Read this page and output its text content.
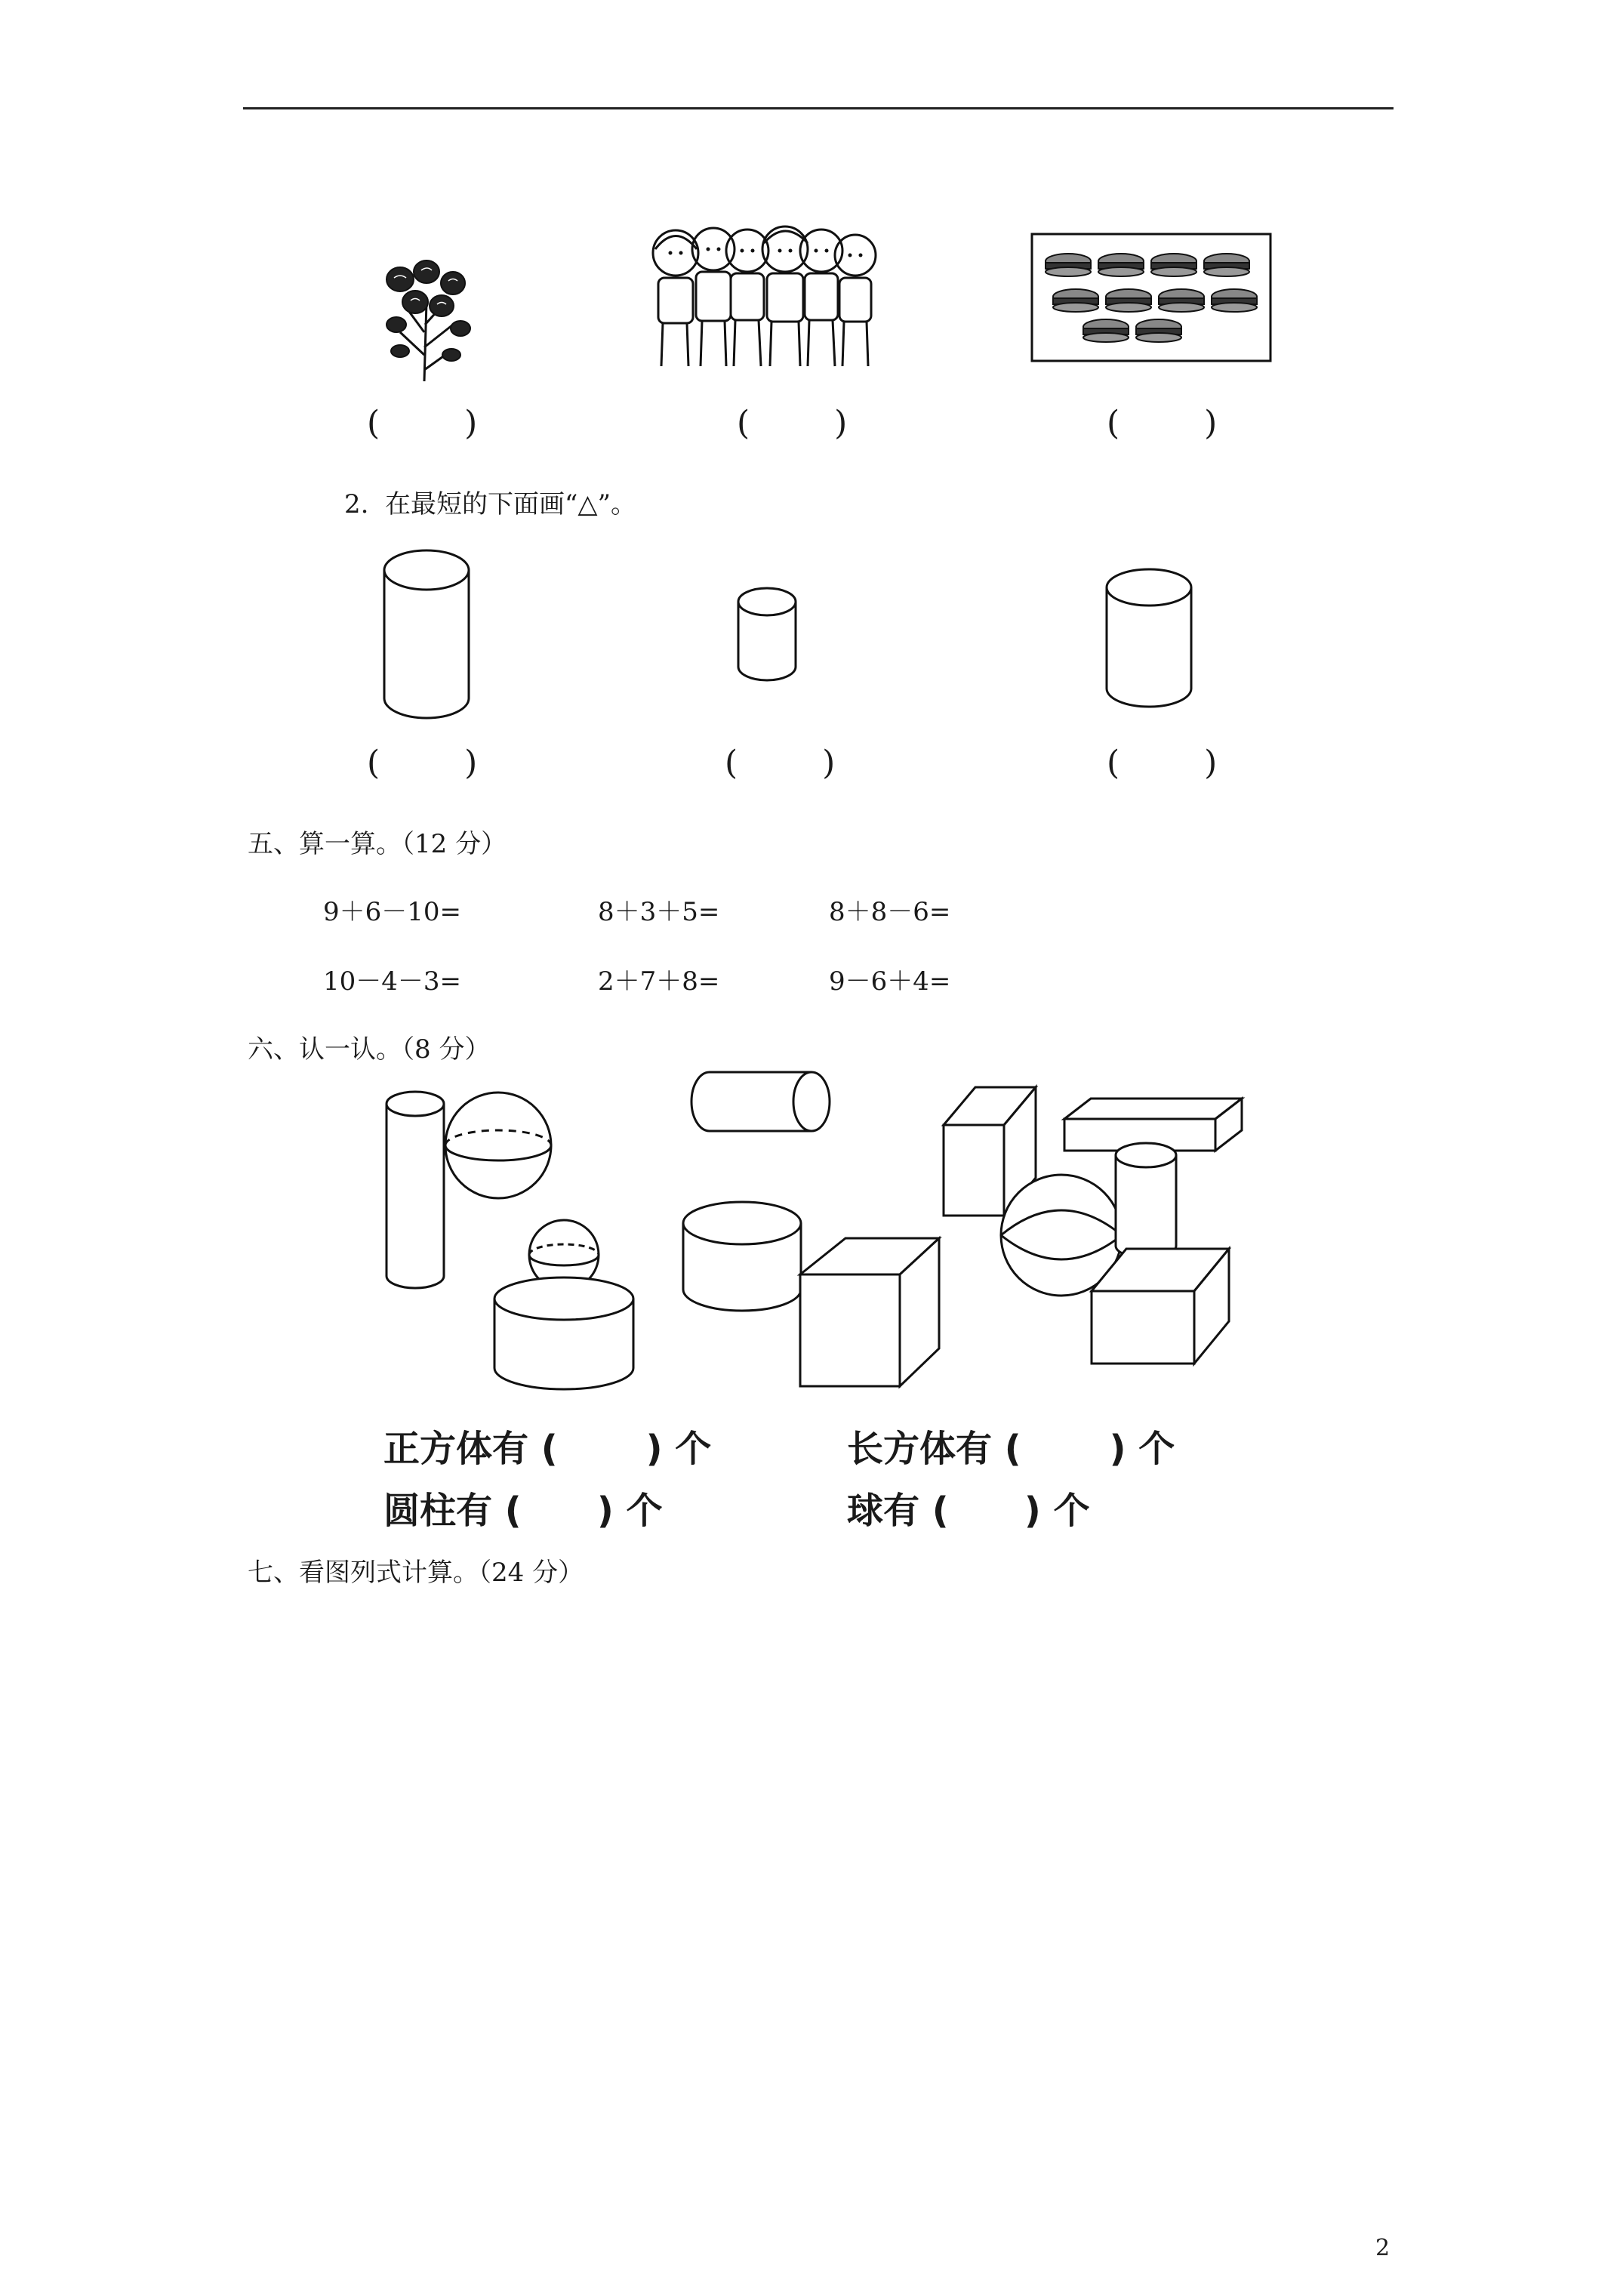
(      )	(      )	(      )
2.  在最短的下面画“△”。
(      )	(      )	(      )
五、算一算。（12 分）
9＋6－10=	8＋3＋5=	8＋8－6=
10－4－3=	2＋7＋8=	9－6＋4=
六、认一认。（8 分）
正方体有 (       ) 个	长方体有 (       ) 个
圆柱有 (      ) 个	球有 (      ) 个
七、看图列式计算。（24 分）
2
